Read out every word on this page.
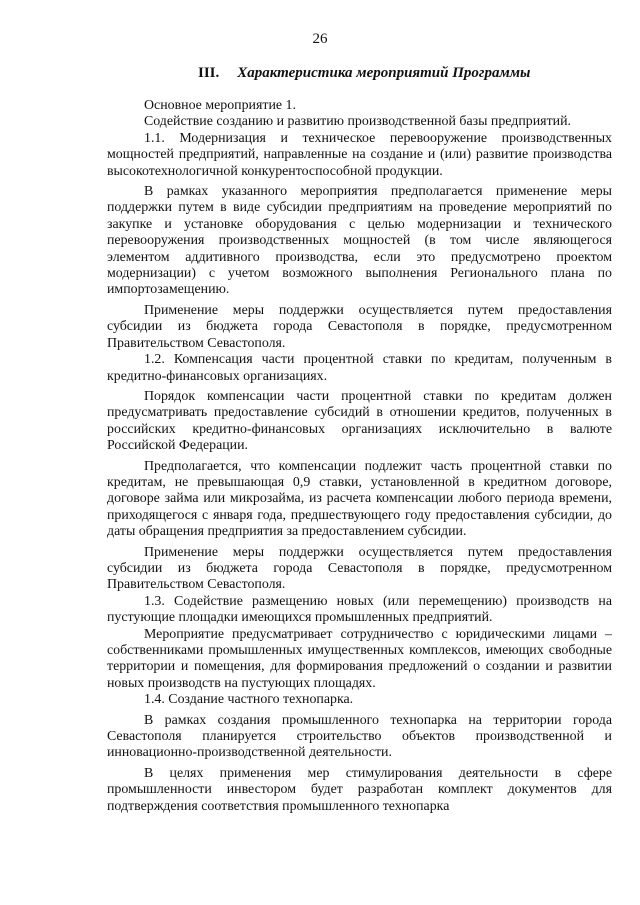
26
III. Характеристика мероприятий Программы

Основное мероприятие 1.

Содействие созданию и развитию производственной базы предприятий.

1.1. Модернизация и техническое перевооружение производственных мощностей предприятий, направленные на создание и (или) развитие производства высокотехнологичной конкурентоспособной продукции.

В рамках указанного мероприятия предполагается применение меры поддержки путем в виде субсидии предприятиям на проведение мероприятий по закупке и установке оборудования с целью модернизации и технического перевооружения производственных мощностей (в том числе являющегося элементом аддитивного производства, если это предусмотрено проектом модернизации) с учетом возможного выполнения Регионального плана по импортозамещению.

Применение меры поддержки осуществляется путем предоставления субсидии из бюджета города Севастополя в порядке, предусмотренном Правительством Севастополя.

1.2. Компенсация части процентной ставки по кредитам, полученным в кредитно-финансовых организациях.

Порядок компенсации части процентной ставки по кредитам должен предусматривать предоставление субсидий в отношении кредитов, полученных в российских кредитно-финансовых организациях исключительно в валюте Российской Федерации.

Предполагается, что компенсации подлежит часть процентной ставки по кредитам, не превышающая 0,9 ставки, установленной в кредитном договоре, договоре займа или микрозайма, из расчета компенсации любого периода времени, приходящегося с января года, предшествующего году предоставления субсидии, до даты обращения предприятия за предоставлением субсидии.

Применение меры поддержки осуществляется путем предоставления субсидии из бюджета города Севастополя в порядке, предусмотренном Правительством Севастополя.

1.3. Содействие размещению новых (или перемещению) производств на пустующие площадки имеющихся промышленных предприятий.

Мероприятие предусматривает сотрудничество с юридическими лицами – собственниками промышленных имущественных комплексов, имеющих свободные территории и помещения, для формирования предложений о создании и развитии новых производств на пустующих площадях.

1.4. Создание частного технопарка.

В рамках создания промышленного технопарка на территории города Севастополя планируется строительство объектов производственной и инновационно-производственной деятельности.

В целях применения мер стимулирования деятельности в сфере промышленности инвестором будет разработан комплект документов для подтверждения соответствия промышленного технопарка
